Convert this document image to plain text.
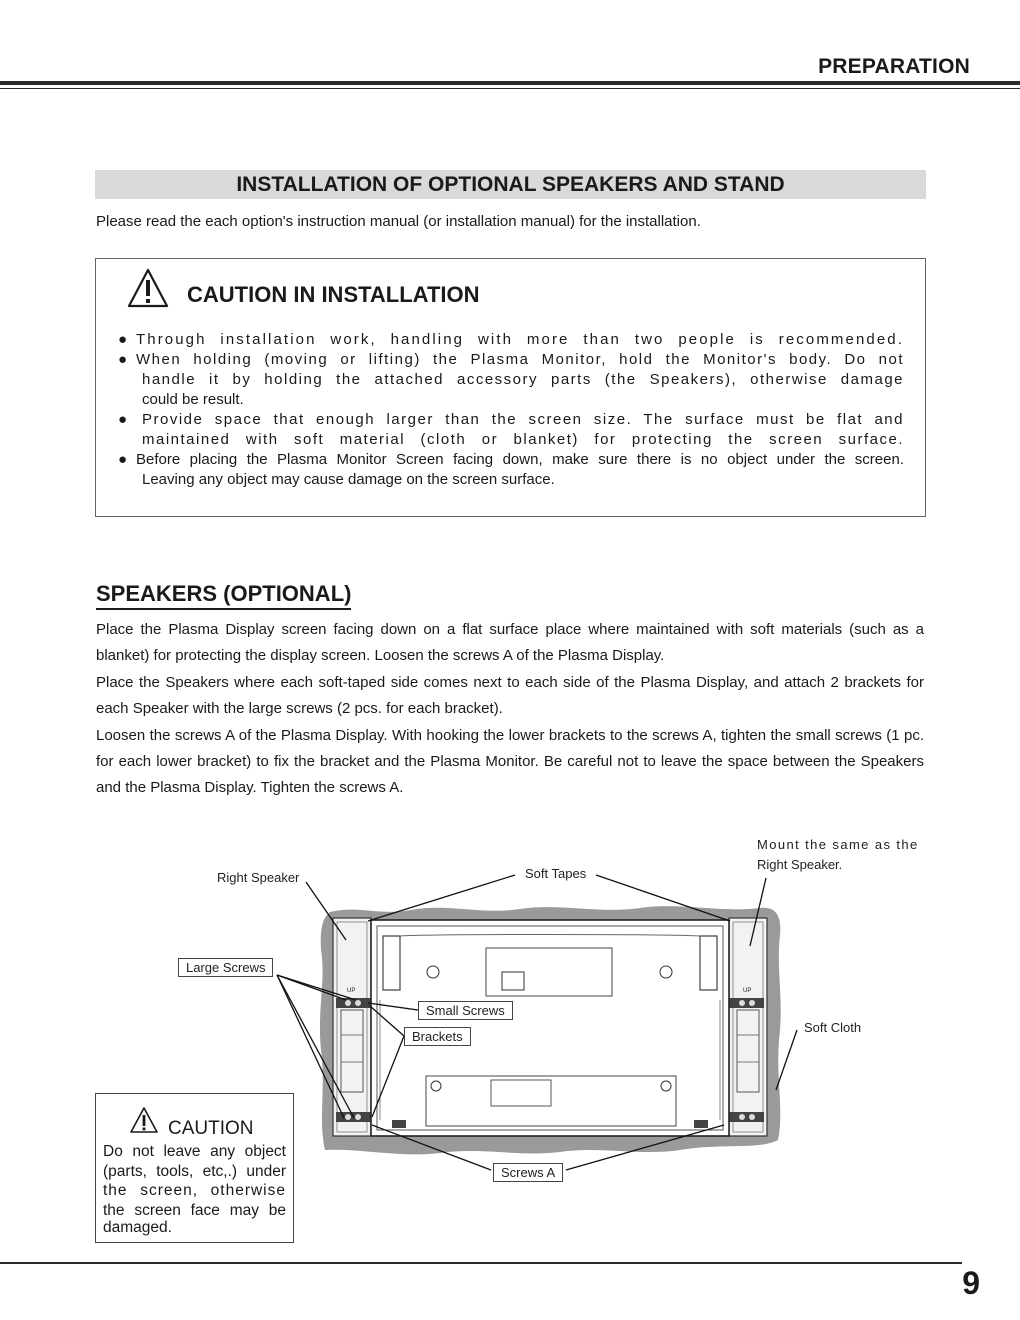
PREPARATION
INSTALLATION OF OPTIONAL SPEAKERS AND STAND
Please read the each option's instruction manual (or installation manual) for the installation.
CAUTION IN INSTALLATION
● Through installation work, handling with more than two people is recommended.
● When holding (moving or lifting) the Plasma Monitor, hold the Monitor's body. Do not
handle it by holding the attached accessory parts (the Speakers), otherwise damage
could be result.
● Provide space that enough larger than the screen size. The surface must be flat and
maintained with soft material (cloth or blanket) for protecting the screen surface.
● Before placing the Plasma Monitor Screen facing down, make sure there is no object under the screen.
Leaving any object may cause damage on the screen surface.
SPEAKERS (OPTIONAL)
Place the Plasma Display screen facing down on a flat surface place where maintained with soft materials (such as a blanket) for protecting the display screen. Loosen the screws A of the Plasma Display.
Place the Speakers where each soft-taped side comes next to each side of the Plasma Display, and attach 2 brackets for each Speaker with the large screws (2 pcs. for each bracket).
Loosen the screws A of the Plasma Display. With hooking the lower brackets to the screws A, tighten the small screws (1 pc. for each lower bracket) to fix the bracket and the Plasma Monitor. Be careful not to leave the space between the Speakers and the Plasma Display. Tighten the screws A.
Right Speaker	Soft Tapes
Mount the same as the
Right Speaker.
Large Screws
Small Screws
Brackets
Soft Cloth
Screws A
UP	UP
CAUTION
Do not leave any object
(parts, tools, etc,.) under
the screen, otherwise
the screen face may be
damaged.
9
